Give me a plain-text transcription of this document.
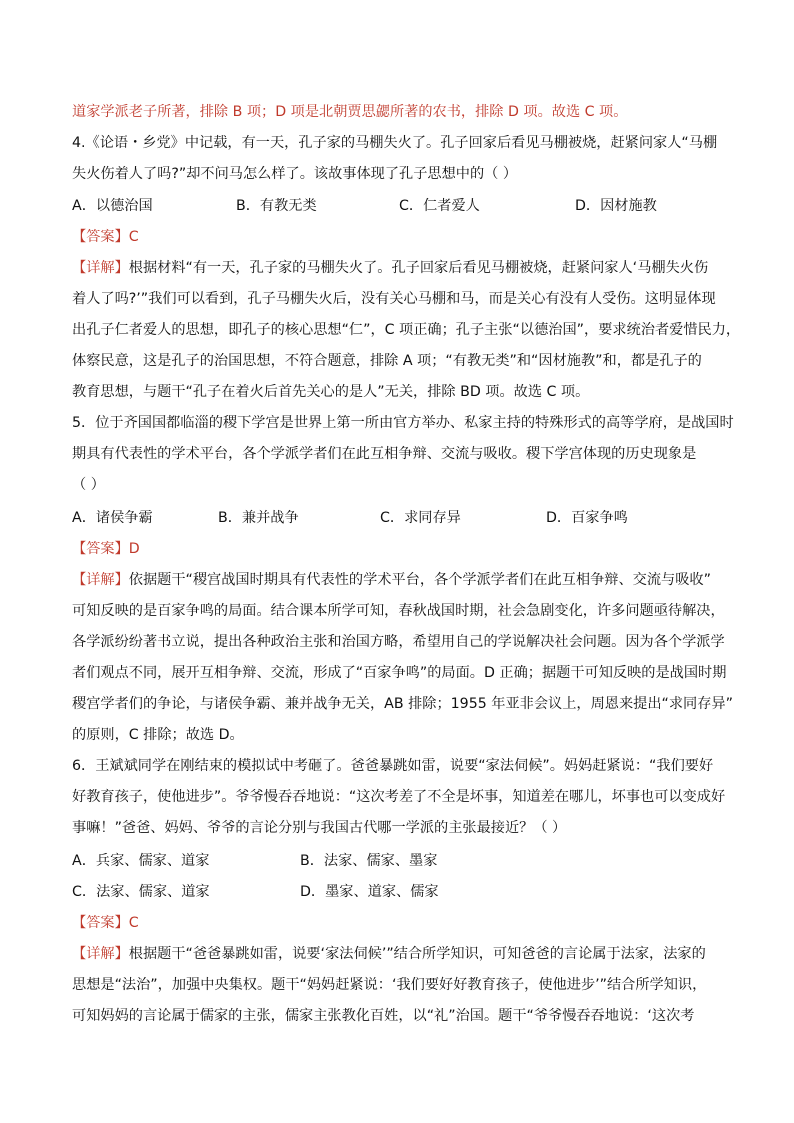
道家学派老子所著，排除 B 项；D 项是北朝贾思勰所著的农书，排除 D 项。故选 C 项。
4.《论语・乡党》中记载，有一天，孔子家的马棚失火了。孔子回家后看见马棚被烧，赶紧问家人“马棚
失火伤着人了吗?”却不问马怎么样了。该故事体现了孔子思想中的（ ）
A．以德治国	B．有教无类	C．仁者爱人	D．因材施教
【答案】C
【详解】根据材料“有一天，孔子家的马棚失火了。孔子回家后看见马棚被烧，赶紧问家人‘马棚失火伤
着人了吗?’”我们可以看到，孔子马棚失火后，没有关心马棚和马，而是关心有没有人受伤。这明显体现
出孔子仁者爱人的思想，即孔子的核心思想“仁”，C 项正确；孔子主张“以德治国”，要求统治者爱惜民力，
体察民意，这是孔子的治国思想，不符合题意，排除 A 项；“有教无类”和“因材施教”和，都是孔子的
教育思想，与题干“孔子在着火后首先关心的是人”无关，排除 BD 项。故选 C 项。
5．位于齐国国都临淄的稷下学宫是世界上第一所由官方举办、私家主持的特殊形式的高等学府，是战国时
期具有代表性的学术平台，各个学派学者们在此互相争辩、交流与吸收。稷下学宫体现的历史现象是
（ ）
A．诸侯争霸	B．兼并战争	C．求同存异	D．百家争鸣
【答案】D
【详解】依据题干“稷宫战国时期具有代表性的学术平台，各个学派学者们在此互相争辩、交流与吸收”
可知反映的是百家争鸣的局面。结合课本所学可知，春秋战国时期，社会急剧变化，许多问题亟待解决，
各学派纷纷著书立说，提出各种政治主张和治国方略，希望用自己的学说解决社会问题。因为各个学派学
者们观点不同，展开互相争辩、交流，形成了“百家争鸣”的局面。D 正确；据题干可知反映的是战国时期
稷宫学者们的争论，与诸侯争霸、兼并战争无关，AB 排除；1955 年亚非会议上，周恩来提出“求同存异”
的原则，C 排除；故选 D。
6．王斌斌同学在刚结束的模拟试中考砸了。爸爸暴跳如雷，说要“家法伺候”。妈妈赶紧说：“我们要好
好教育孩子，使他进步”。爷爷慢吞吞地说：“这次考差了不全是坏事，知道差在哪儿，坏事也可以变成好
事嘛！”爸爸、妈妈、爷爷的言论分别与我国古代哪一学派的主张最接近？（ ）
A．兵家、儒家、道家	B．法家、儒家、墨家
C．法家、儒家、道家	D．墨家、道家、儒家
【答案】C
【详解】根据题干“爸爸暴跳如雷，说要‘家法伺候’”结合所学知识，可知爸爸的言论属于法家，法家的
思想是“法治”，加强中央集权。题干“妈妈赶紧说：‘我们要好好教育孩子，使他进步’”结合所学知识，
可知妈妈的言论属于儒家的主张，儒家主张教化百姓，以“礼”治国。题干“爷爷慢吞吞地说：‘这次考
